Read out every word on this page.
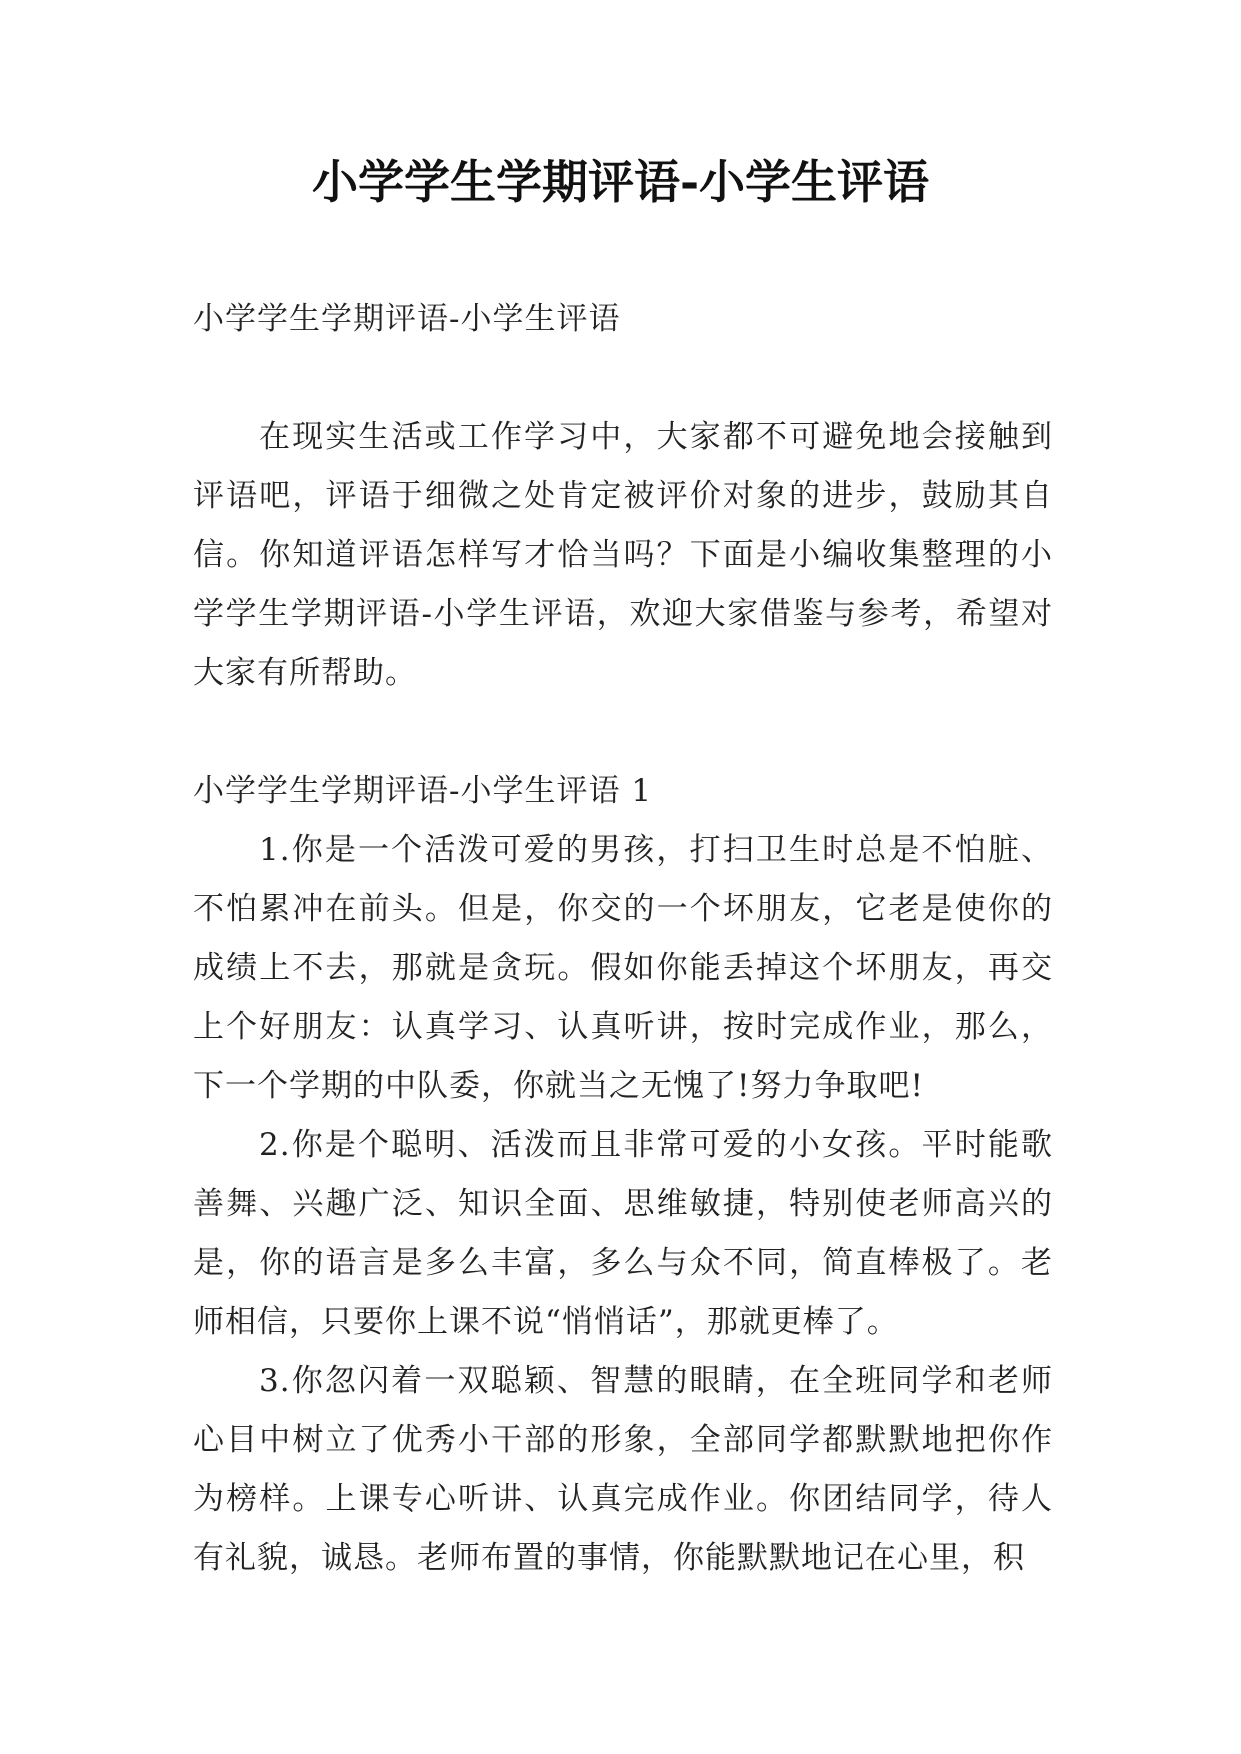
小学学生学期评语-小学生评语

小学学生学期评语-小学生评语

在现实生活或工作学习中，大家都不可避免地会接触到评语吧，评语于细微之处肯定被评价对象的进步，鼓励其自信。你知道评语怎样写才恰当吗？下面是小编收集整理的小学学生学期评语-小学生评语，欢迎大家借鉴与参考，希望对大家有所帮助。

小学学生学期评语-小学生评语 1

1.你是一个活泼可爱的男孩，打扫卫生时总是不怕脏、不怕累冲在前头。但是，你交的一个坏朋友，它老是使你的成绩上不去，那就是贪玩。假如你能丢掉这个坏朋友，再交上个好朋友：认真学习、认真听讲，按时完成作业，那么，下一个学期的中队委，你就当之无愧了!努力争取吧!

2.你是个聪明、活泼而且非常可爱的小女孩。平时能歌善舞、兴趣广泛、知识全面、思维敏捷，特别使老师高兴的是，你的语言是多么丰富，多么与众不同，简直棒极了。老师相信，只要你上课不说“悄悄话”，那就更棒了。

3.你忽闪着一双聪颖、智慧的眼睛，在全班同学和老师心目中树立了优秀小干部的形象，全部同学都默默地把你作为榜样。上课专心听讲、认真完成作业。你团结同学，待人有礼貌，诚恳。老师布置的事情，你能默默地记在心里，积
